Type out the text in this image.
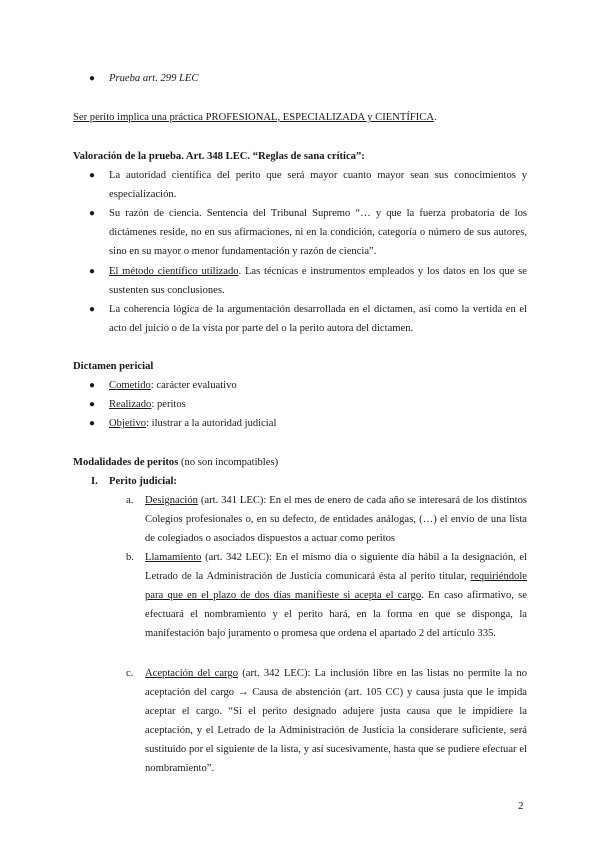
●	Prueba art. 299 LEC
Ser perito implica una práctica PROFESIONAL, ESPECIALIZADA y CIENTÍFICA.
Valoración de la prueba. Art. 348 LEC. “Reglas de sana crítica”:
●	La autoridad científica del perito que será mayor cuanto mayor sean sus conocimientos y especialización.
●	Su razón de ciencia. Sentencia del Tribunal Supremo “… y que la fuerza probatoria de los dictámenes reside, no en sus afirmaciones, ni en la condición, categoría o número de sus autores, sino en su mayor o menor fundamentación y razón de ciencia”.
●	El método científico utilizado. Las técnicas e instrumentos empleados y los datos en los que se sustenten sus conclusiones.
●	La coherencia lógica de la argumentación desarrollada en el dictamen, así como la vertida en el acto del juicio o de la vista por parte del o la perito autora del dictamen.
Dictamen pericial
●	Cometido: carácter evaluativo
●	Realizado: peritos
●	Objetivo: ilustrar a la autoridad judicial
Modalidades de peritos (no son incompatibles)
I. Perito judicial:
a.	Designación (art. 341 LEC): En el mes de enero de cada año se interesará de los distintos Colegios profesionales o, en su defecto, de entidades análogas, (…) el envío de una lista de colegiados o asociados dispuestos a actuar como peritos
b.	Llamamiento (art. 342 LEC): En el mismo día o siguiente día hábil a la designación, el Letrado de la Administración de Justicia comunicará ésta al perito titular, requiriéndole para que en el plazo de dos días manifieste si acepta el cargo. En caso afirmativo, se efectuará el nombramiento y el perito hará, en la forma en que se disponga, la manifestación bajo juramento o promesa que ordena el apartado 2 del artículo 335.
c.	Aceptación del cargo (art. 342 LEC): La inclusión libre en las listas no permite la no aceptación del cargo → Causa de abstención (art. 105 CC) y causa justa que le impida aceptar el cargo. “Si el perito designado adujere justa causa que le impidiere la aceptación, y el Letrado de la Administración de Justicia la considerare suficiente, será sustituido por el siguiente de la lista, y así sucesivamente, hasta que se pudiere efectuar el nombramiento”.
2
